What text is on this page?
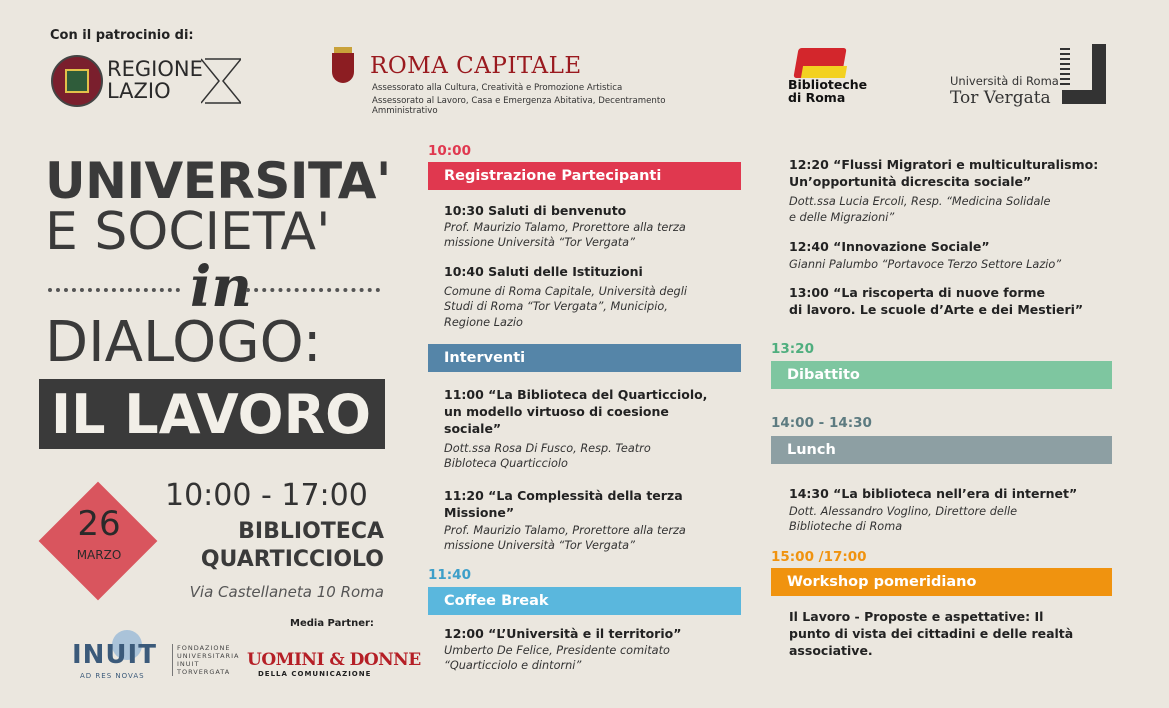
Con il patrocinio di:
REGIONE
LAZIO
ROMA CAPITALE
Assessorato alla Cultura, Creatività e Promozione Artistica
Assessorato al Lavoro, Casa e Emergenza Abitativa, Decentramento Amministrativo
Biblioteche
di Roma
Università di Roma
Tor Vergata
UNIVERSITA'
E SOCIETA'
in
DIALOGO:
IL LAVORO
26
MARZO
10:00 - 17:00
BIBLIOTECA
QUARTICCIOLO
Via Castellaneta 10 Roma
Media Partner:
INUIT
AD RES NOVAS
FONDAZIONE
UNIVERSITARIA
INUIT
TORVERGATA
UOMINI & DONNE
DELLA COMUNICAZIONE
10:00
Registrazione Partecipanti
10:30 Saluti di benvenuto
Prof. Maurizio Talamo, Prorettore alla terza
missione Università “Tor Vergata”
10:40 Saluti delle Istituzioni
Comune di Roma Capitale, Università degli
Studi di Roma “Tor Vergata”, Municipio,
Regione Lazio
Interventi
11:00 “La Biblioteca del Quarticciolo,
un modello virtuoso di coesione
sociale”
Dott.ssa Rosa Di Fusco, Resp. Teatro
Bibloteca Quarticciolo
11:20 “La Complessità della terza
Missione”
Prof. Maurizio Talamo, Prorettore alla terza
missione Università “Tor Vergata”
11:40
Coffee Break
12:00 “L’Università e il territorio”
Umberto De Felice, Presidente comitato
“Quarticciolo e dintorni”
12:20 “Flussi Migratori e multiculturalismo:
Un’opportunità dicrescita sociale”
Dott.ssa Lucia Ercoli, Resp. “Medicina Solidale
e delle Migrazioni”
12:40 “Innovazione Sociale”
Gianni Palumbo “Portavoce Terzo Settore Lazio”
13:00 “La riscoperta di nuove forme
di lavoro. Le scuole d’Arte e dei Mestieri”
13:20
Dibattito
14:00 - 14:30
Lunch
14:30 “La biblioteca nell’era di internet”
Dott. Alessandro Voglino, Direttore delle
Biblioteche di Roma
15:00 /17:00
Workshop pomeridiano
Il Lavoro - Proposte e aspettative: Il
punto di vista dei cittadini e delle realtà
associative.
